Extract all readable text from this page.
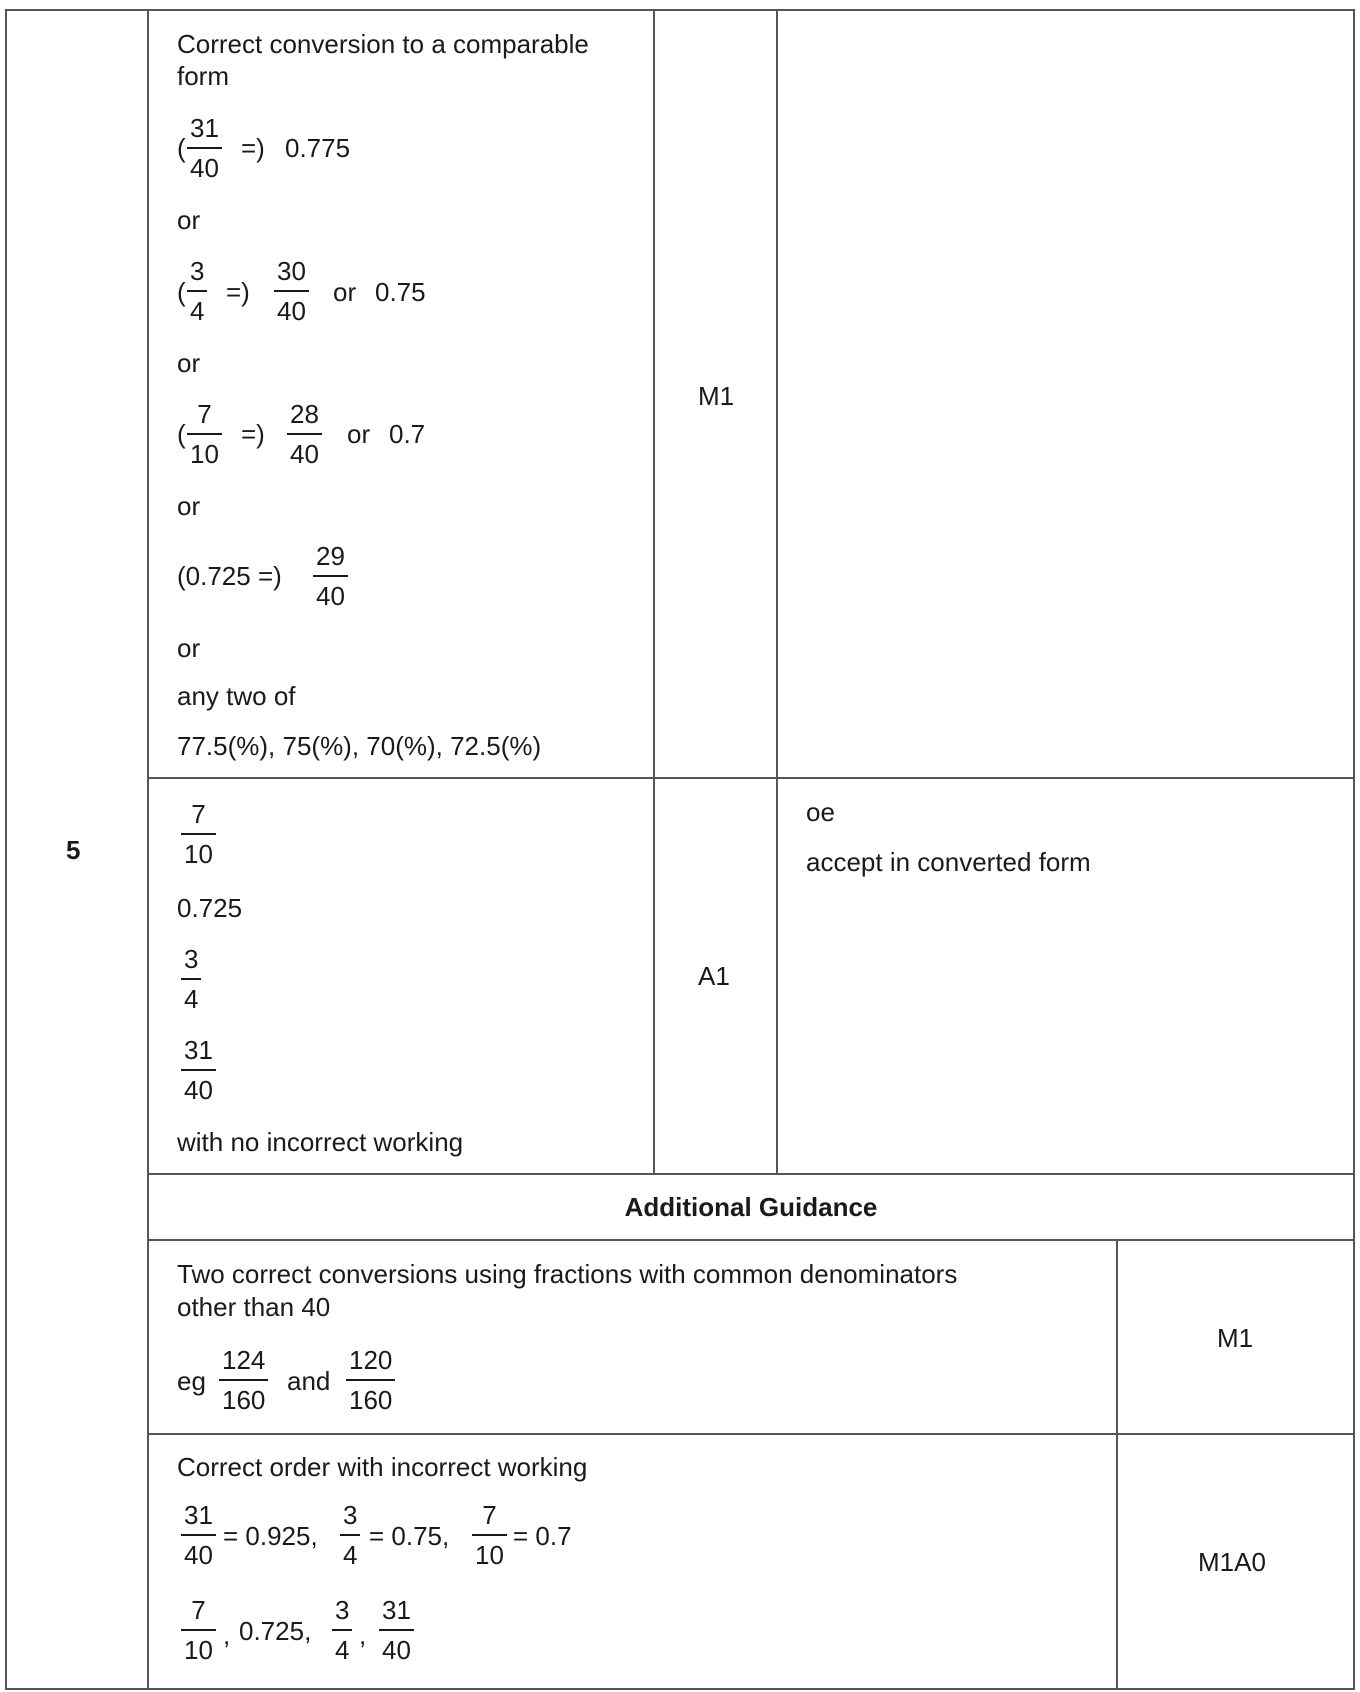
5
Correct conversion to a comparable
form
(
31
40
=) 0.775
or
(
3
4
=)
30
40
or 0.75
or
(
7
10
=)
28
40
or 0.7
or
(0.725 =)
29
40
or
any two of
77.5(%), 75(%), 70(%), 72.5(%)
M1
7
10
0.725
3
4
31
40
with no incorrect working
A1
oe
accept in converted form
Additional Guidance
Two correct conversions using fractions with common denominators
other than 40
eg
124
160
and
120
160
M1
Correct order with incorrect working
31
40
= 0.925,
3
4
= 0.75,
7
10
= 0.7
7
10 , 0.725,
3
4 ,
31
40
M1A0
